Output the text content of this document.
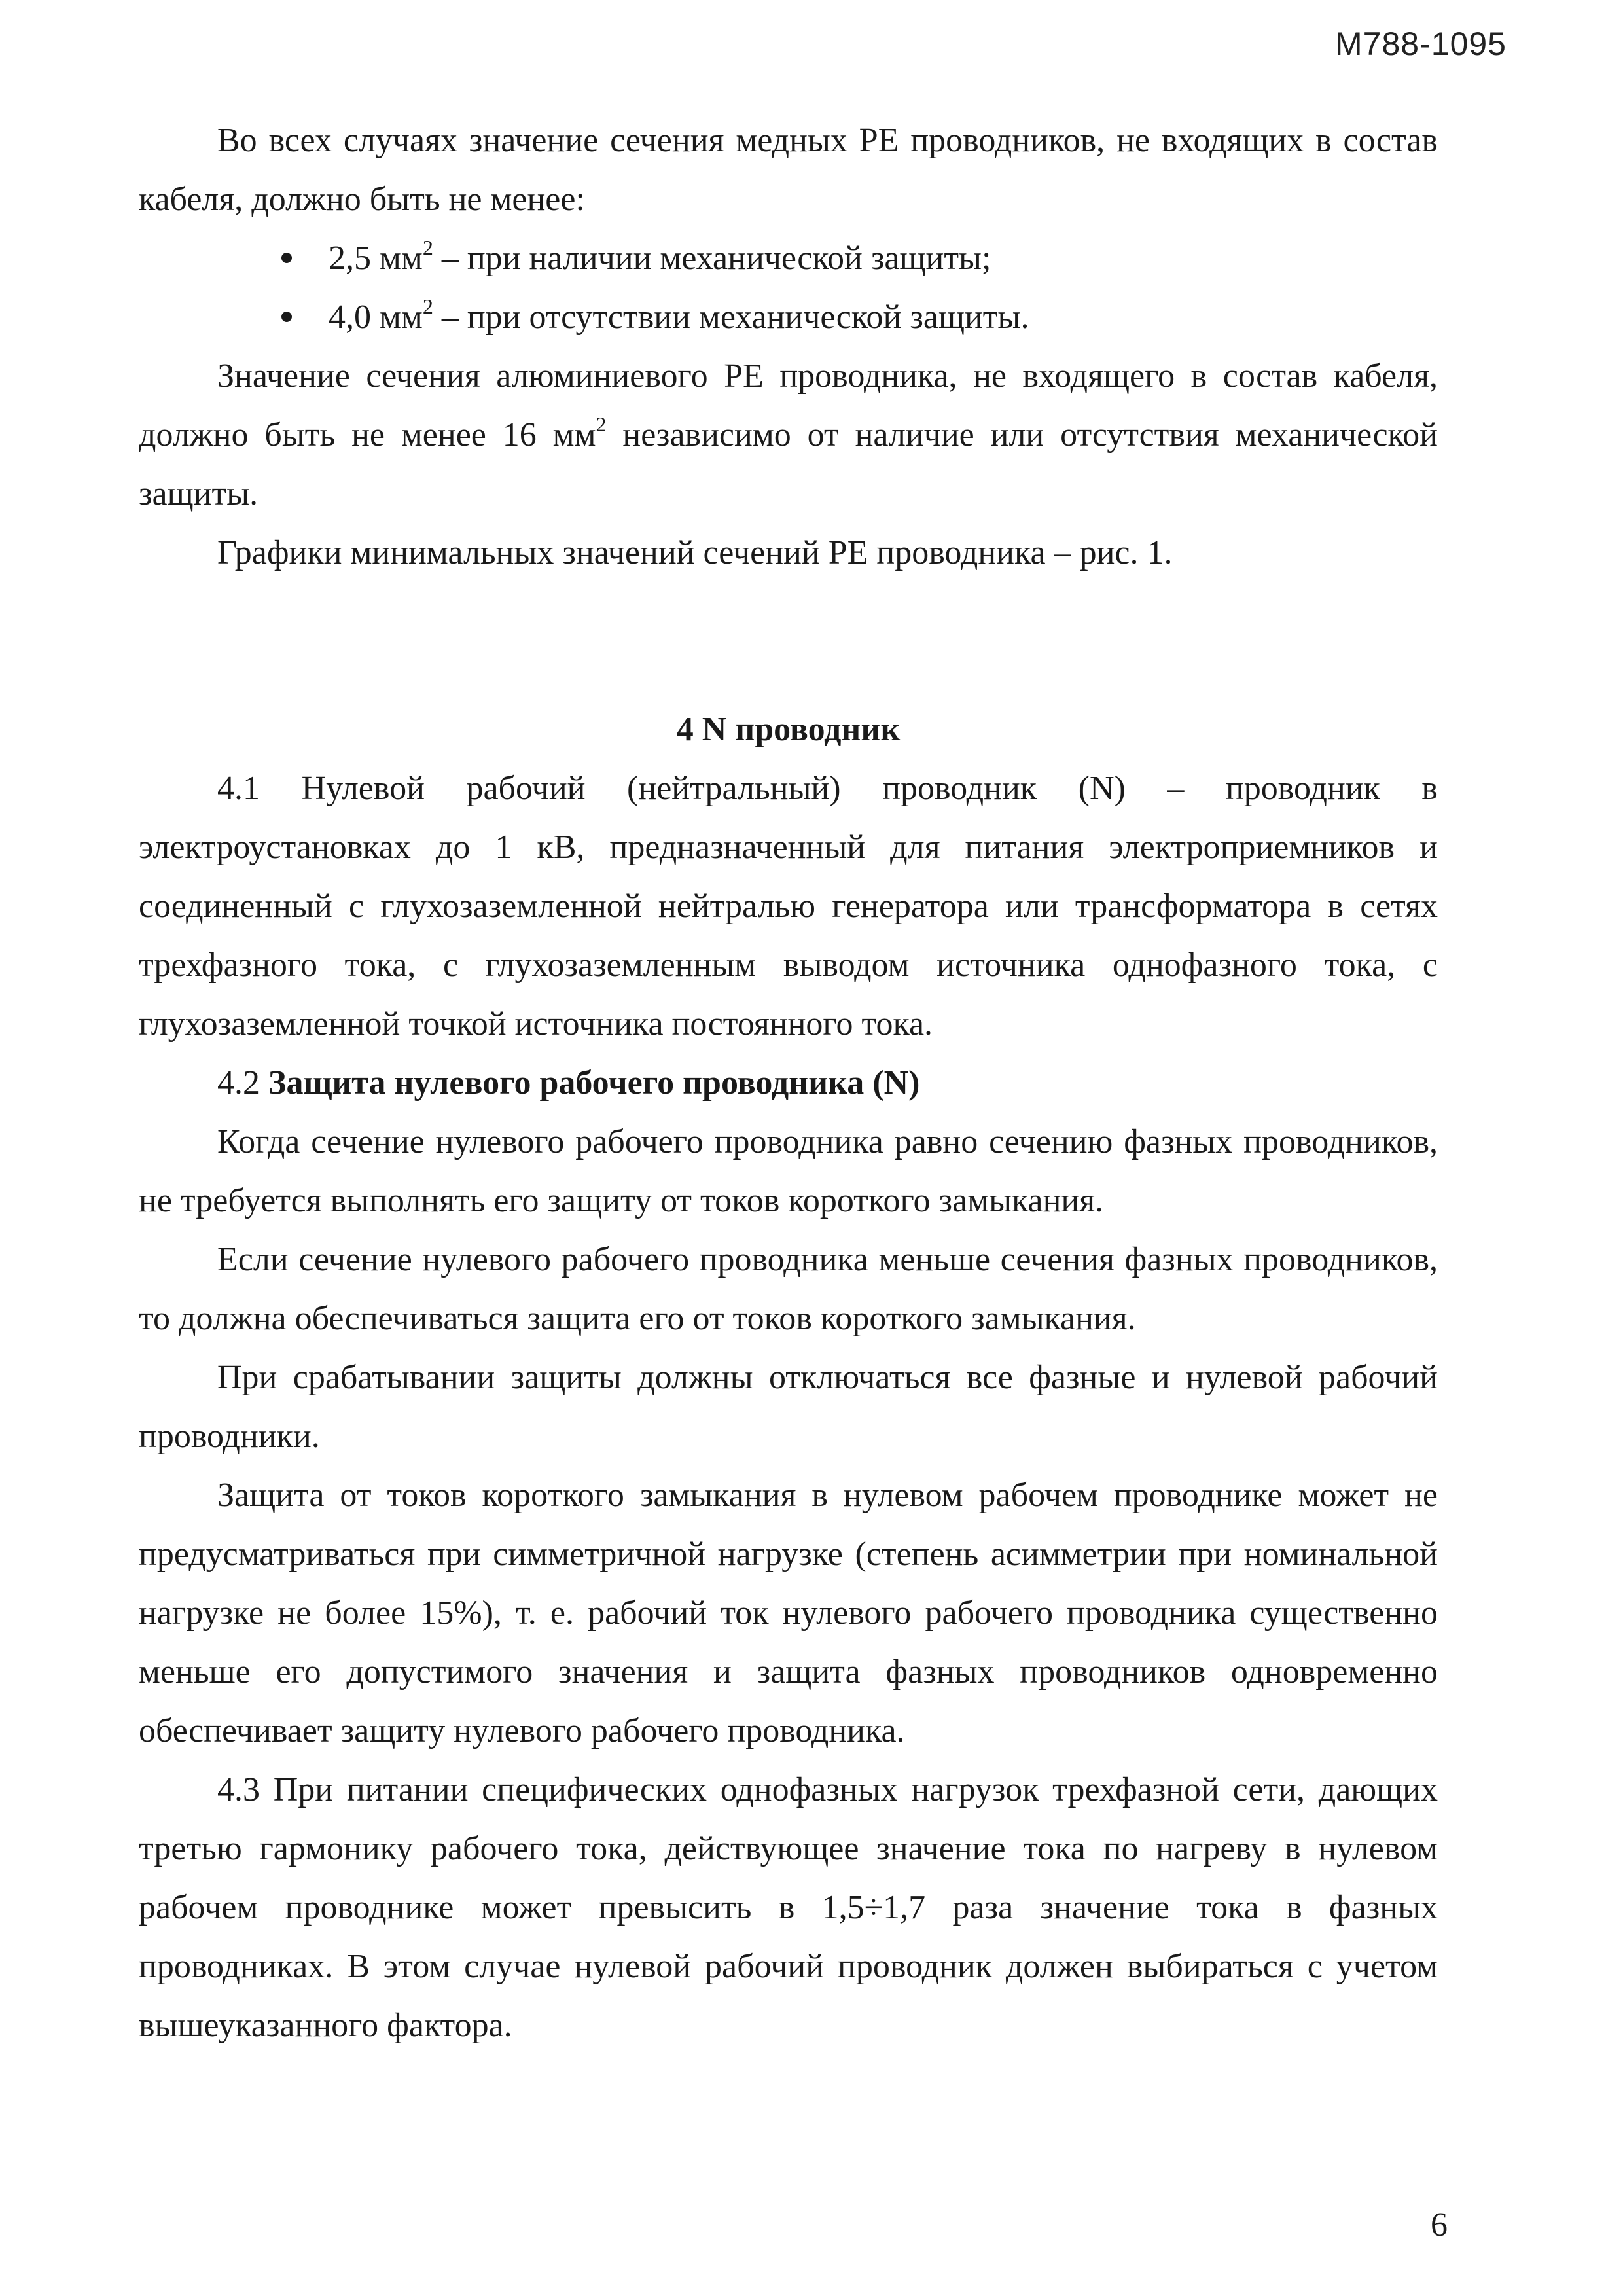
М788-1095

Во всех случаях значение сечения медных PE проводников, не входящих в состав кабеля, должно быть не менее:

2,5 $мм^2$ – при наличии механической защиты;
4,0 $мм^2$ – при отсутствии механической защиты.

Значение сечения алюминиевого PE проводника, не входящего в состав кабеля, должно быть не менее 16 $мм^2$ независимо от наличие или отсутствия механической защиты.

Графики минимальных значений сечений PE проводника – рис. 1.

4 N проводник

4.1 Нулевой рабочий (нейтральный) проводник (N) – проводник в электроустановках до 1 кВ, предназначенный для питания электроприемников и соединенный с глухозаземленной нейтралью генератора или трансформатора в сетях трехфазного тока, с глухозаземленным выводом источника однофазного тока, с глухозаземленной точкой источника постоянного тока.

4.2 Защита нулевого рабочего проводника (N)

Когда сечение нулевого рабочего проводника равно сечению фазных проводников, не требуется выполнять его защиту от токов короткого замыкания.

Если сечение нулевого рабочего проводника меньше сечения фазных проводников, то должна обеспечиваться защита его от токов короткого замыкания.

При срабатывании защиты должны отключаться все фазные и нулевой рабочий проводники.

Защита от токов короткого замыкания в нулевом рабочем проводнике может не предусматриваться при симметричной нагрузке (степень асимметрии при номинальной нагрузке не более 15%), т. е. рабочий ток нулевого рабочего проводника существенно меньше его допустимого значения и защита фазных проводников одновременно обеспечивает защиту нулевого рабочего проводника.

4.3 При питании специфических однофазных нагрузок трехфазной сети, дающих третью гармонику рабочего тока, действующее значение тока по нагреву в нулевом рабочем проводнике может превысить в 1,5÷1,7 раза значение тока в фазных проводниках. В этом случае нулевой рабочий проводник должен выбираться с учетом вышеуказанного фактора.

6
